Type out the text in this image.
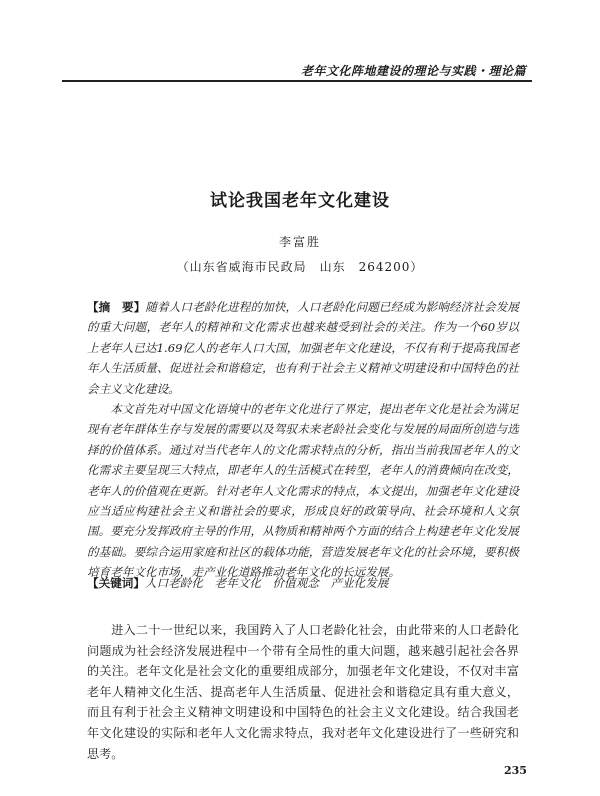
老年文化阵地建设的理论与实践・理论篇
试论我国老年文化建设
李富胜
（山东省威海市民政局　山东　264200）

【摘　要】随着人口老龄化进程的加快，人口老龄化问题已经成为影响经济社会发展的重大问题，老年人的精神和文化需求也越来越受到社会的关注。作为一个60岁以上老年人已达1.69亿人的老年人口大国，加强老年文化建设，不仅有利于提高我国老年人生活质量、促进社会和谐稳定，也有利于社会主义精神文明建设和中国特色的社会主义文化建设。

本文首先对中国文化语境中的老年文化进行了界定，提出老年文化是社会为满足现有老年群体生存与发展的需要以及驾驭未来老龄社会变化与发展的局面所创造与选择的价值体系。通过对当代老年人的文化需求特点的分析，指出当前我国老年人的文化需求主要呈现三大特点，即老年人的生活模式在转型，老年人的消费倾向在改变，老年人的价值观在更新。针对老年人文化需求的特点，本文提出，加强老年文化建设应当适应构建社会主义和谐社会的要求，形成良好的政策导向、社会环境和人文氛围。要充分发挥政府主导的作用，从物质和精神两个方面的结合上构建老年文化发展的基础。要综合运用家庭和社区的载体功能，营造发展老年文化的社会环境，要积极培育老年文化市场，走产业化道路推动老年文化的长远发展。

【关键词】人口老龄化　老年文化　价值观念　产业化发展

进入二十一世纪以来，我国跨入了人口老龄化社会，由此带来的人口老龄化问题成为社会经济发展进程中一个带有全局性的重大问题，越来越引起社会各界的关注。老年文化是社会文化的重要组成部分，加强老年文化建设，不仅对丰富老年人精神文化生活、提高老年人生活质量、促进社会和谐稳定具有重大意义，而且有利于社会主义精神文明建设和中国特色的社会主义文化建设。结合我国老年文化建设的实际和老年人文化需求特点，我对老年文化建设进行了一些研究和思考。

235
